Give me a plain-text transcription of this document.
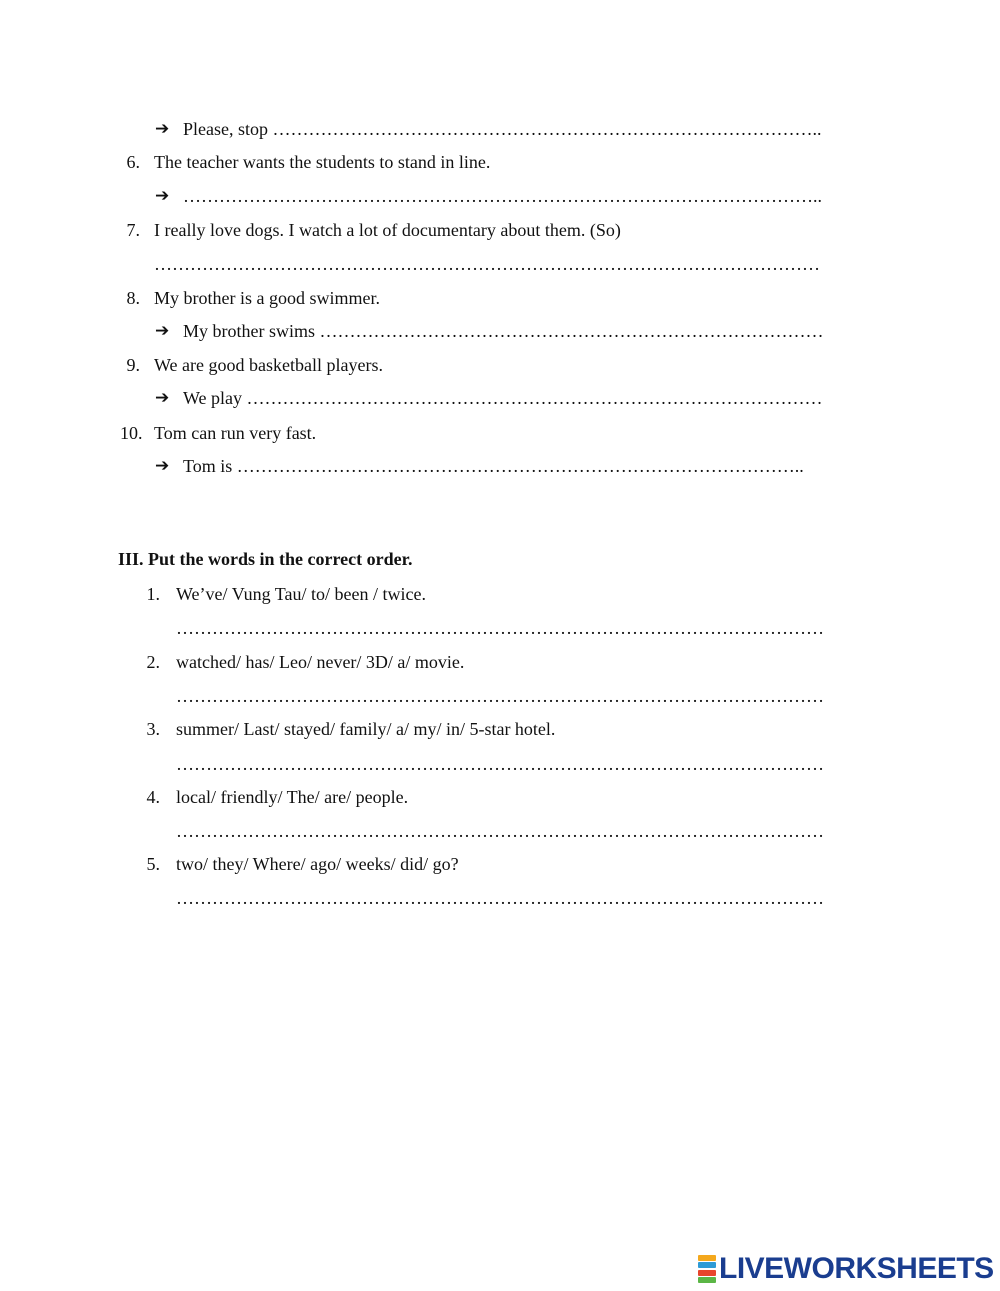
➔ Please, stop ………………………………………………………………………………..
6. The teacher wants the students to stand in line.
➔ ……………………………………………………………………………………………..
7. I really love dogs. I watch a lot of documentary about them. (So)
…………………………………………………………………………………………………
8. My brother is a good swimmer.
➔ My brother swims …………………………………………………………………………
9. We are good basketball players.
➔ We play ……………………………………………………………………………………
10. Tom can run very fast.
➔ Tom is …………………………………………………………………………………..
III. Put the words in the correct order.
1. We’ve/ Vung Tau/ to/ been / twice.
………………………………………………………………………………………………
2. watched/ has/ Leo/ never/ 3D/ a/ movie.
………………………………………………………………………………………………
3. summer/ Last/ stayed/ family/ a/ my/ in/ 5-star hotel.
………………………………………………………………………………………………
4. local/ friendly/ The/ are/ people.
………………………………………………………………………………………………
5. two/ they/ Where/ ago/ weeks/ did/ go?
………………………………………………………………………………………………
LIVEWORKSHEETS
